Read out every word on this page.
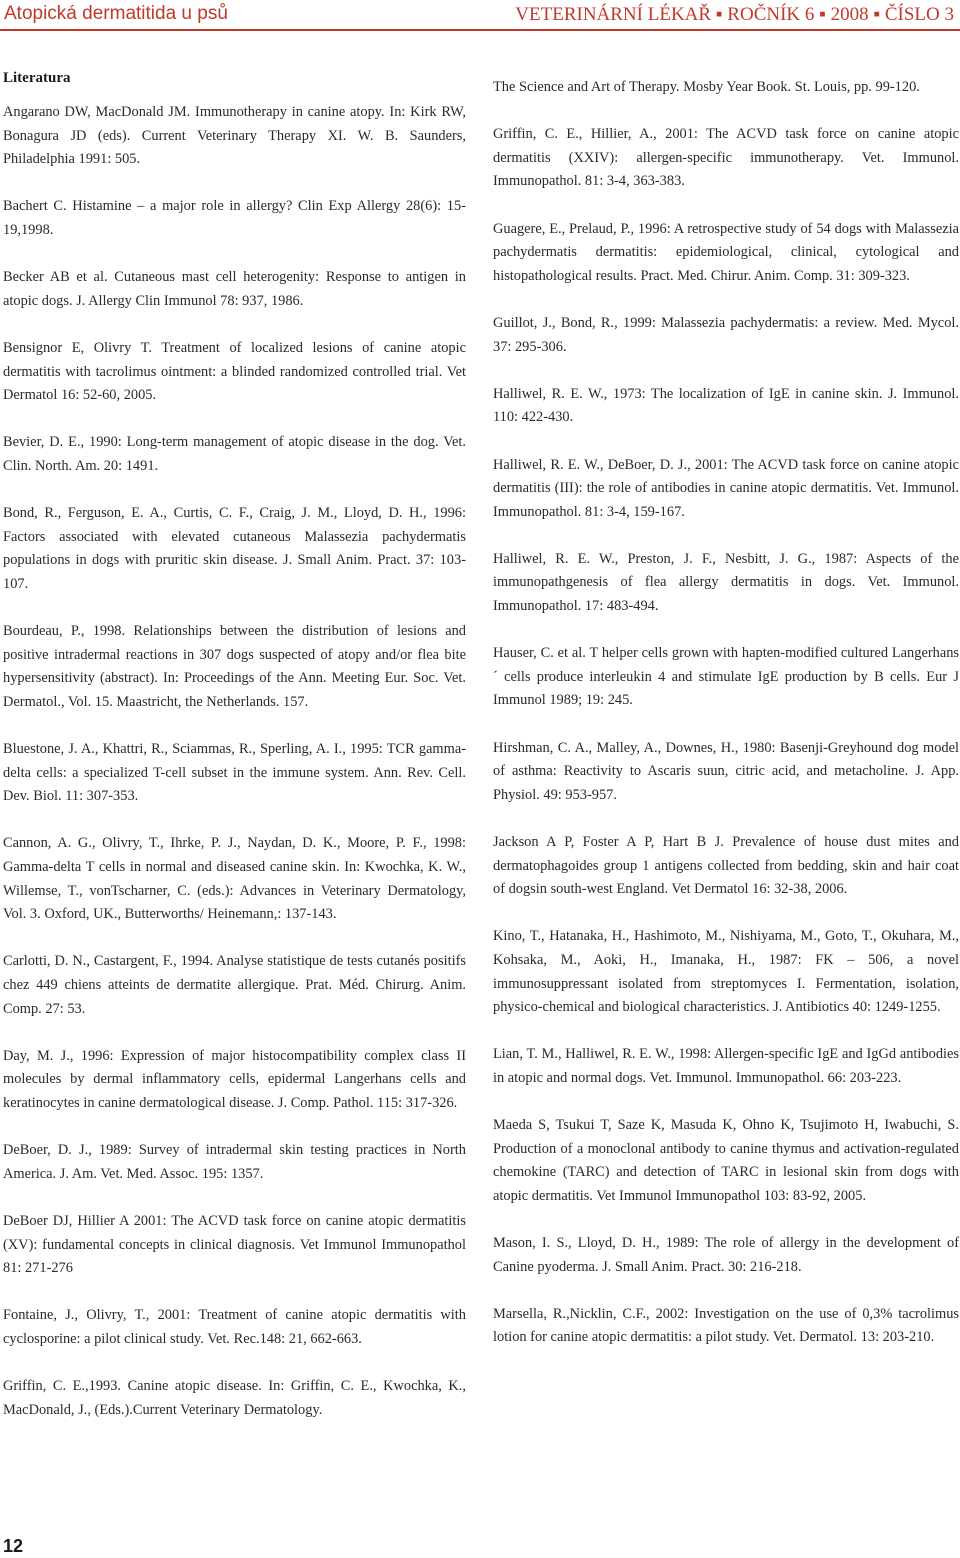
Atopická dermatitida u psů	VETERINÁRNÍ LÉKAŘ ▪ ROČNÍK 6 ▪ 2008 ▪ ČÍSLO 3
Literatura
Angarano DW, MacDonald JM. Immunotherapy in canine atopy. In: Kirk RW, Bonagura JD (eds). Current Veterinary Therapy XI. W. B. Saunders, Philadelphia 1991: 505.
Bachert C. Histamine – a major role in allergy? Clin Exp Allergy 28(6): 15-19,1998.
Becker AB et al. Cutaneous mast cell heterogenity: Response to antigen in atopic dogs. J. Allergy Clin Immunol 78: 937, 1986.
Bensignor E, Olivry T. Treatment of localized lesions of canine atopic dermatitis with tacrolimus ointment: a blinded randomized controlled trial. Vet Dermatol 16: 52-60, 2005.
Bevier, D. E., 1990: Long-term management of atopic disease in the dog. Vet. Clin. North. Am. 20: 1491.
Bond, R., Ferguson, E. A., Curtis, C. F., Craig, J. M., Lloyd, D. H., 1996: Factors associated with elevated cutaneous Malassezia pachydermatis populations in dogs with pruritic skin disease. J. Small Anim. Pract. 37: 103-107.
Bourdeau, P., 1998. Relationships between the distribution of lesions and positive intradermal reactions in 307 dogs suspected of atopy and/or flea bite hypersensitivity (abstract). In: Proceedings of the Ann. Meeting Eur. Soc. Vet. Dermatol., Vol. 15. Maastricht, the Netherlands. 157.
Bluestone, J. A., Khattri, R., Sciammas, R., Sperling, A. I., 1995: TCR gamma-delta cells: a specialized T-cell subset in the immune system. Ann. Rev. Cell. Dev. Biol. 11: 307-353.
Cannon, A. G., Olivry, T., Ihrke, P. J., Naydan, D. K., Moore, P. F., 1998: Gamma-delta T cells in normal and diseased canine skin. In: Kwochka, K. W., Willemse, T., vonTscharner, C. (eds.): Advances in Veterinary Dermatology, Vol. 3. Oxford, UK., Butterworths/ Heinemann,: 137-143.
Carlotti, D. N., Castargent, F., 1994. Analyse statistique de tests cutanés positifs chez 449 chiens atteints de dermatite allergique. Prat. Méd. Chirurg. Anim. Comp. 27: 53.
Day, M. J., 1996: Expression of major histocompatibility complex class II molecules by dermal inflammatory cells, epidermal Langerhans cells and keratinocytes in canine dermatological disease. J. Comp. Pathol. 115: 317-326.
DeBoer, D. J., 1989: Survey of intradermal skin testing practices in North America. J. Am. Vet. Med. Assoc. 195: 1357.
DeBoer DJ, Hillier A 2001: The ACVD task force on canine atopic dermatitis (XV): fundamental concepts in clinical diagnosis. Vet Immunol Immunopathol 81: 271-276
Fontaine, J., Olivry, T., 2001: Treatment of canine atopic dermatitis with cyclosporine: a pilot clinical study. Vet. Rec.148: 21, 662-663.
Griffin, C. E.,1993. Canine atopic disease. In: Griffin, C. E., Kwochka, K., MacDonald, J., (Eds.).Current Veterinary Dermatology.
The Science and Art of Therapy. Mosby Year Book. St. Louis, pp. 99-120.
Griffin, C. E., Hillier, A., 2001: The ACVD task force on canine atopic dermatitis (XXIV): allergen-specific immunotherapy. Vet. Immunol. Immunopathol. 81: 3-4, 363-383.
Guagere, E., Prelaud, P., 1996: A retrospective study of 54 dogs with Malassezia pachydermatis dermatitis: epidemiological, clinical, cytological and histopathological results. Pract. Med. Chirur. Anim. Comp. 31: 309-323.
Guillot, J., Bond, R., 1999: Malassezia pachydermatis: a review. Med. Mycol. 37: 295-306.
Halliwel, R. E. W., 1973: The localization of IgE in canine skin. J. Immunol. 110: 422-430.
Halliwel, R. E. W., DeBoer, D. J., 2001: The ACVD task force on canine atopic dermatitis (III): the role of antibodies in canine atopic dermatitis. Vet. Immunol. Immunopathol. 81: 3-4, 159-167.
Halliwel, R. E. W., Preston, J. F., Nesbitt, J. G., 1987: Aspects of the immunopathgenesis of flea allergy dermatitis in dogs. Vet. Immunol. Immunopathol. 17: 483-494.
Hauser, C. et al. T helper cells grown with hapten-modified cultured Langerhans´ cells produce interleukin 4 and stimulate IgE production by B cells. Eur J Immunol 1989; 19: 245.
Hirshman, C. A., Malley, A., Downes, H., 1980: Basenji-Greyhound dog model of asthma: Reactivity to Ascaris suun, citric acid, and metacholine. J. App. Physiol. 49: 953-957.
Jackson A P, Foster A P, Hart B J. Prevalence of house dust mites and dermatophagoides group 1 antigens collected from bedding, skin and hair coat of dogsin south-west England. Vet Dermatol 16: 32-38, 2006.
Kino, T., Hatanaka, H., Hashimoto, M., Nishiyama, M., Goto, T., Okuhara, M., Kohsaka, M., Aoki, H., Imanaka, H., 1987: FK – 506, a novel immunosuppressant isolated from streptomyces I. Fermentation, isolation, physico-chemical and biological characteristics. J. Antibiotics 40: 1249-1255.
Lian, T. M., Halliwel, R. E. W., 1998: Allergen-specific IgE and IgGd antibodies in atopic and normal dogs. Vet. Immunol. Immunopathol. 66: 203-223.
Maeda S, Tsukui T, Saze K, Masuda K, Ohno K, Tsujimoto H, Iwabuchi, S. Production of a monoclonal antibody to canine thymus and activation-regulated chemokine (TARC) and detection of TARC in lesional skin from dogs with atopic dermatitis. Vet Immunol Immunopathol 103: 83-92, 2005.
Mason, I. S., Lloyd, D. H., 1989: The role of allergy in the development of Canine pyoderma. J. Small Anim. Pract. 30: 216-218.
Marsella, R.,Nicklin, C.F., 2002: Investigation on the use of 0,3% tacrolimus lotion for canine atopic dermatitis: a pilot study. Vet. Dermatol. 13: 203-210.
12
